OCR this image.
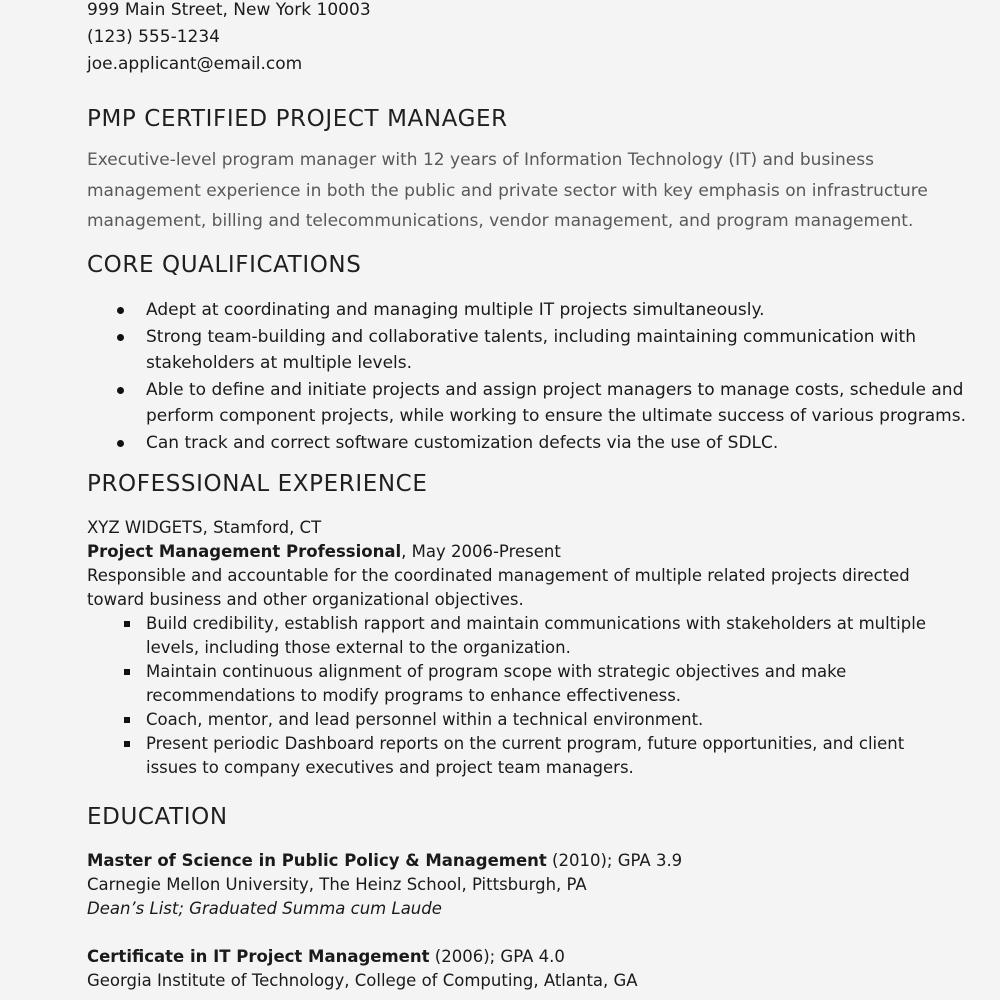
999 Main Street, New York 10003
(123) 555-1234
joe.applicant@email.com
PMP CERTIFIED PROJECT MANAGER

Executive-level program manager with 12 years of Information Technology (IT) and business

management experience in both the public and private sector with key emphasis on infrastructure

management, billing and telecommunications, vendor management, and program management.

CORE QUALIFICATIONS
Adept at coordinating and managing multiple IT projects simultaneously.
Strong team-building and collaborative talents, including maintaining communication with
stakeholders at multiple levels.
Able to define and initiate projects and assign project managers to manage costs, schedule and
perform component projects, while working to ensure the ultimate success of various programs.
Can track and correct software customization defects via the use of SDLC.
PROFESSIONAL EXPERIENCE
XYZ WIDGETS, Stamford, CT
Project Management Professional, May 2006-Present
Responsible and accountable for the coordinated management of multiple related projects directed
toward business and other organizational objectives.
Build credibility, establish rapport and maintain communications with stakeholders at multiple
levels, including those external to the organization.
Maintain continuous alignment of program scope with strategic objectives and make
recommendations to modify programs to enhance effectiveness.
Coach, mentor, and lead personnel within a technical environment.
Present periodic Dashboard reports on the current program, future opportunities, and client
issues to company executives and project team managers.
EDUCATION
Master of Science in Public Policy & Management (2010); GPA 3.9
Carnegie Mellon University, The Heinz School, Pittsburgh, PA
Dean’s List; Graduated Summa cum Laude
Certificate in IT Project Management (2006); GPA 4.0
Georgia Institute of Technology, College of Computing, Atlanta, GA
